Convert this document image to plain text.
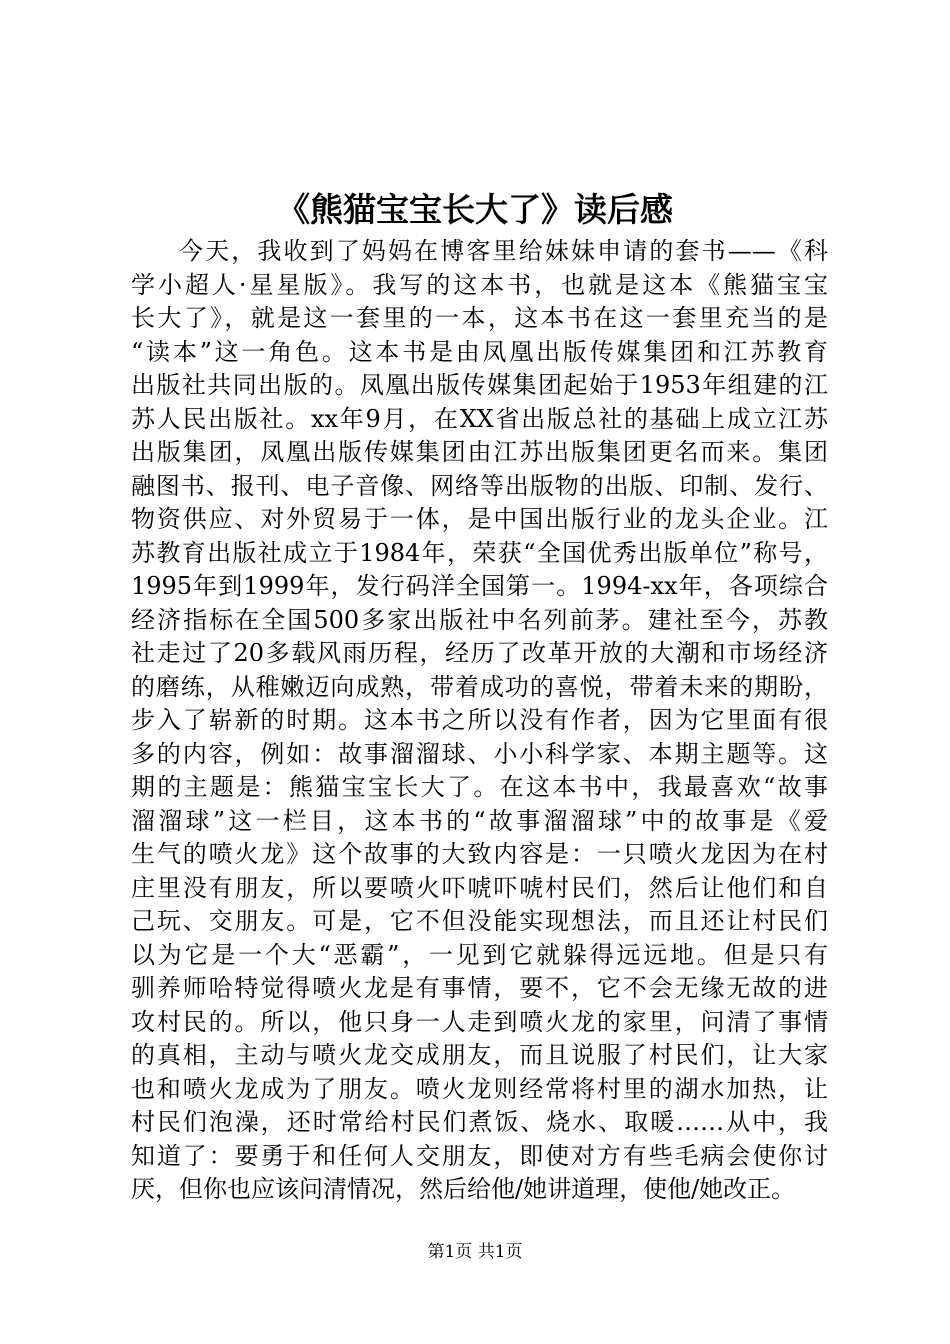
《熊猫宝宝长大了》读后感
今天，我收到了妈妈在博客里给妹妹申请的套书——《科
学小超人·星星版》。我写的这本书，也就是这本《熊猫宝宝
长大了》，就是这一套里的一本，这本书在这一套里充当的是
“读本”这一角色。这本书是由凤凰出版传媒集团和江苏教育
出版社共同出版的。凤凰出版传媒集团起始于1953年组建的江
苏人民出版社。xx年9月，在XX省出版总社的基础上成立江苏
出版集团，凤凰出版传媒集团由江苏出版集团更名而来。集团
融图书、报刊、电子音像、网络等出版物的出版、印制、发行、
物资供应、对外贸易于一体，是中国出版行业的龙头企业。江
苏教育出版社成立于1984年，荣获“全国优秀出版单位”称号，
1995年到1999年，发行码洋全国第一。1994-xx年，各项综合
经济指标在全国500多家出版社中名列前茅。建社至今，苏教
社走过了20多载风雨历程，经历了改革开放的大潮和市场经济
的磨练，从稚嫩迈向成熟，带着成功的喜悦，带着未来的期盼，
步入了崭新的时期。这本书之所以没有作者，因为它里面有很
多的内容，例如：故事溜溜球、小小科学家、本期主题等。这
期的主题是：熊猫宝宝长大了。在这本书中，我最喜欢“故事
溜溜球”这一栏目，这本书的“故事溜溜球”中的故事是《爱
生气的喷火龙》这个故事的大致内容是：一只喷火龙因为在村
庄里没有朋友，所以要喷火吓唬吓唬村民们，然后让他们和自
己玩、交朋友。可是，它不但没能实现想法，而且还让村民们
以为它是一个大“恶霸”，一见到它就躲得远远地。但是只有
驯养师哈特觉得喷火龙是有事情，要不，它不会无缘无故的进
攻村民的。所以，他只身一人走到喷火龙的家里，问清了事情
的真相，主动与喷火龙交成朋友，而且说服了村民们，让大家
也和喷火龙成为了朋友。喷火龙则经常将村里的湖水加热，让
村民们泡澡，还时常给村民们煮饭、烧水、取暖……从中，我
知道了：要勇于和任何人交朋友，即使对方有些毛病会使你讨
厌，但你也应该问清情况，然后给他/她讲道理，使他/她改正。
第1页 共1页
